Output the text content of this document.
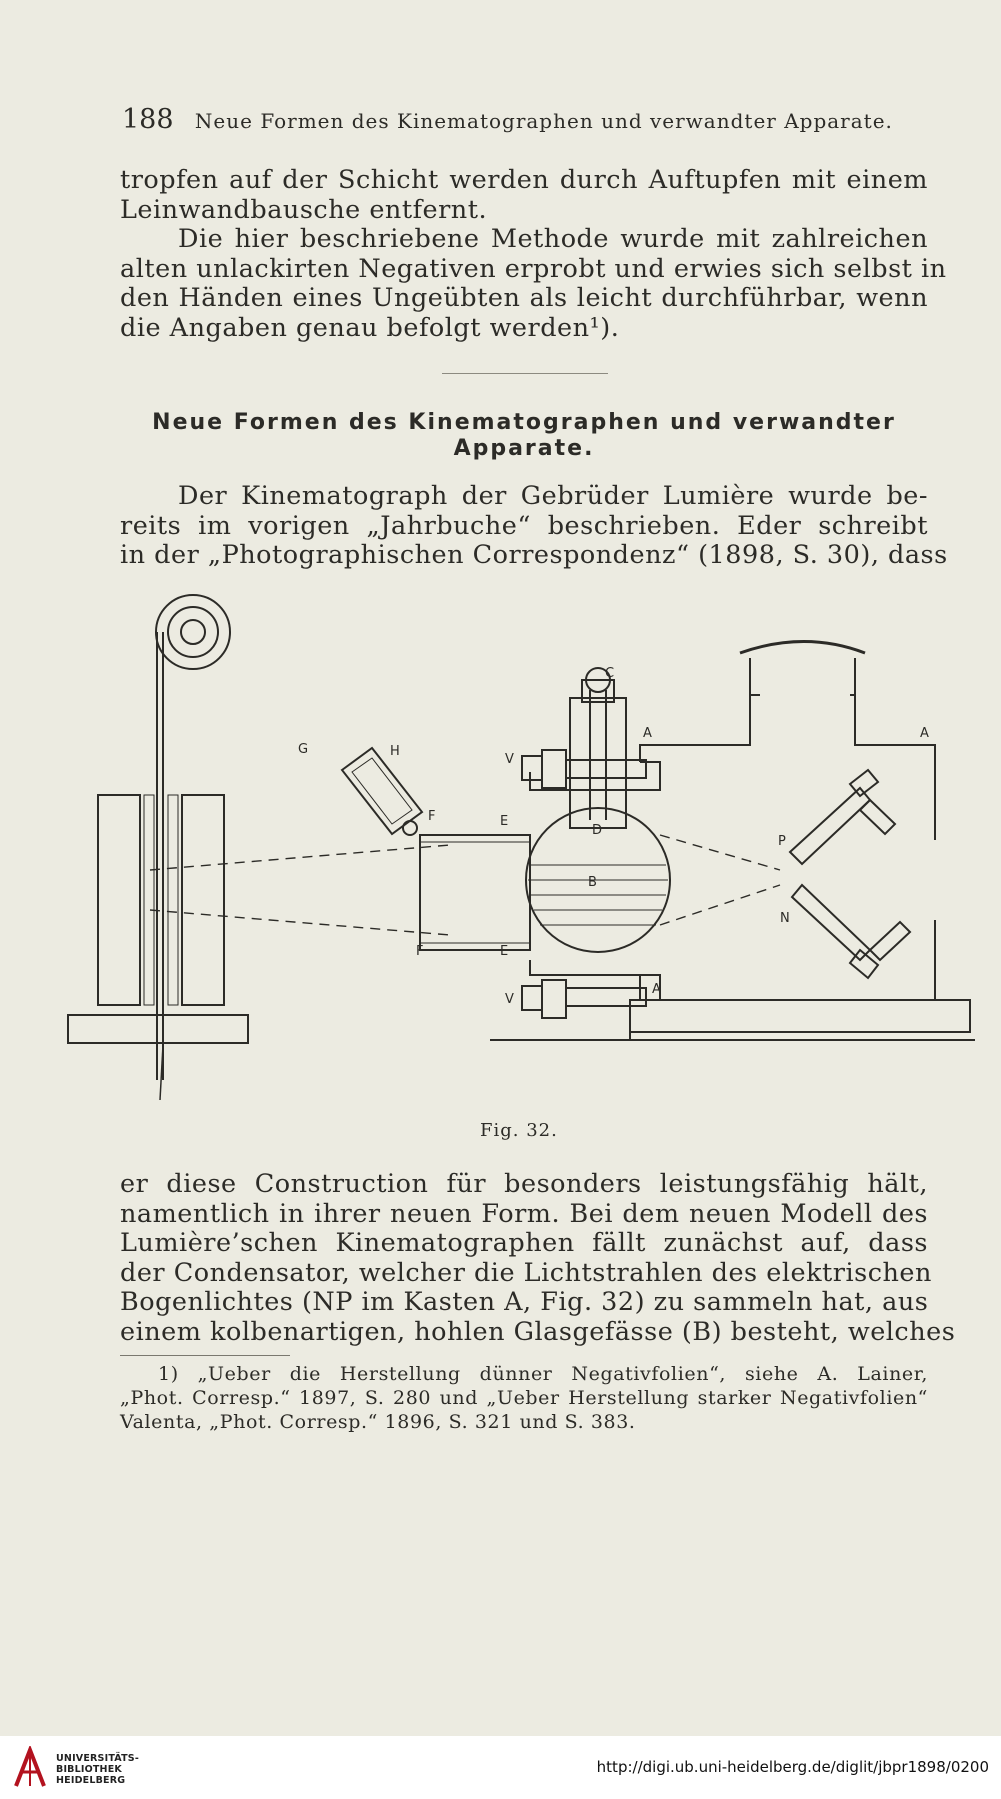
188 Neue Formen des Kinematographen und verwandter Apparate.
tropfen auf der Schicht werden durch Auftupfen mit einem
Leinwandbausche entfernt.
Die hier beschriebene Methode wurde mit zahlreichen
alten unlackirten Negativen erprobt und erwies sich selbst in
den Händen eines Ungeübten als leicht durchführbar, wenn
die Angaben genau befolgt werden¹).
Neue Formen des Kinematographen und verwandter
Apparate.
Der Kinematograph der Gebrüder Lumière wurde be-
reits im vorigen „Jahrbuche“ beschrieben. Eder schreibt
in der „Photographischen Correspondenz“ (1898, S. 30), dass
C
G	H
V
V
F
F
E
E
D
B
A	A
A
P
N
Fig. 32.
er diese Construction für besonders leistungsfähig hält,
namentlich in ihrer neuen Form. Bei dem neuen Modell des
Lumière’schen Kinematographen fällt zunächst auf, dass
der Condensator, welcher die Lichtstrahlen des elektrischen
Bogenlichtes (NP im Kasten A, Fig. 32) zu sammeln hat, aus
einem kolbenartigen, hohlen Glasgefässe (B) besteht, welches
1) „Ueber die Herstellung dünner Negativfolien“, siehe A. Lainer,
„Phot. Corresp.“ 1897, S. 280 und „Ueber Herstellung starker Negativfolien“
Valenta, „Phot. Corresp.“ 1896, S. 321 und S. 383.
UNIVERSITÄTS-
BIBLIOTHEK
HEIDELBERG
http://digi.ub.uni-heidelberg.de/diglit/jbpr1898/0200
